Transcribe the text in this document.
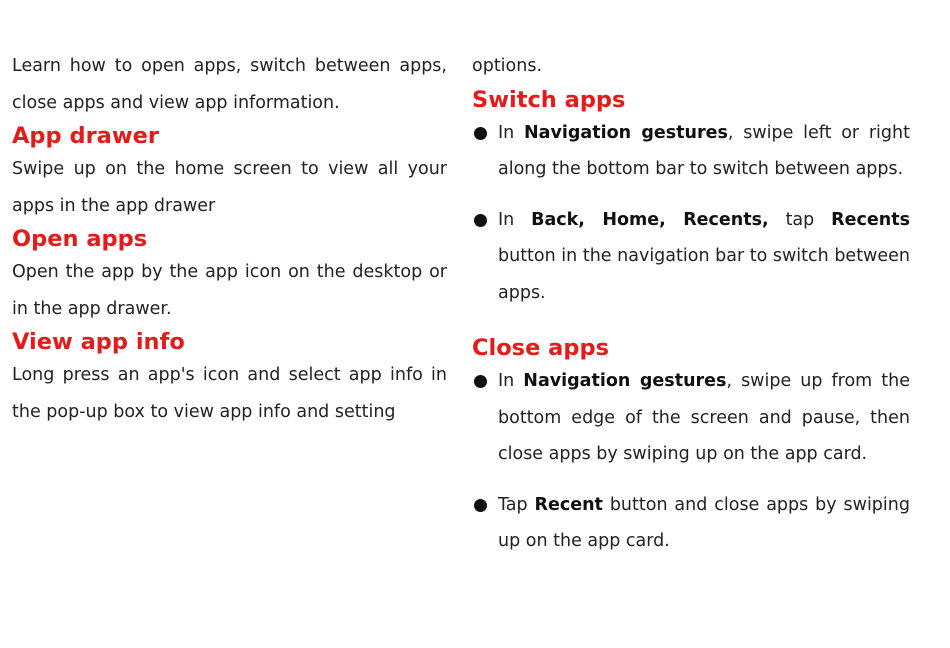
Learn how to open apps, switch between apps, close apps and view app information.

App drawer

Swipe up on the home screen to view all your apps in the app drawer

Open apps

Open the app by the app icon on the desktop or in the app drawer.

View app info

Long press an app's icon and select app info in the pop-up box to view app info and setting

options.

Switch apps
In Navigation gestures, swipe left or right along the bottom bar to switch between apps.
In Back, Home, Recents, tap Recents button in the navigation bar to switch between apps.
Close apps
In Navigation gestures, swipe up from the bottom edge of the screen and pause, then close apps by swiping up on the app card.
Tap Recent button and close apps by swiping up on the app card.
